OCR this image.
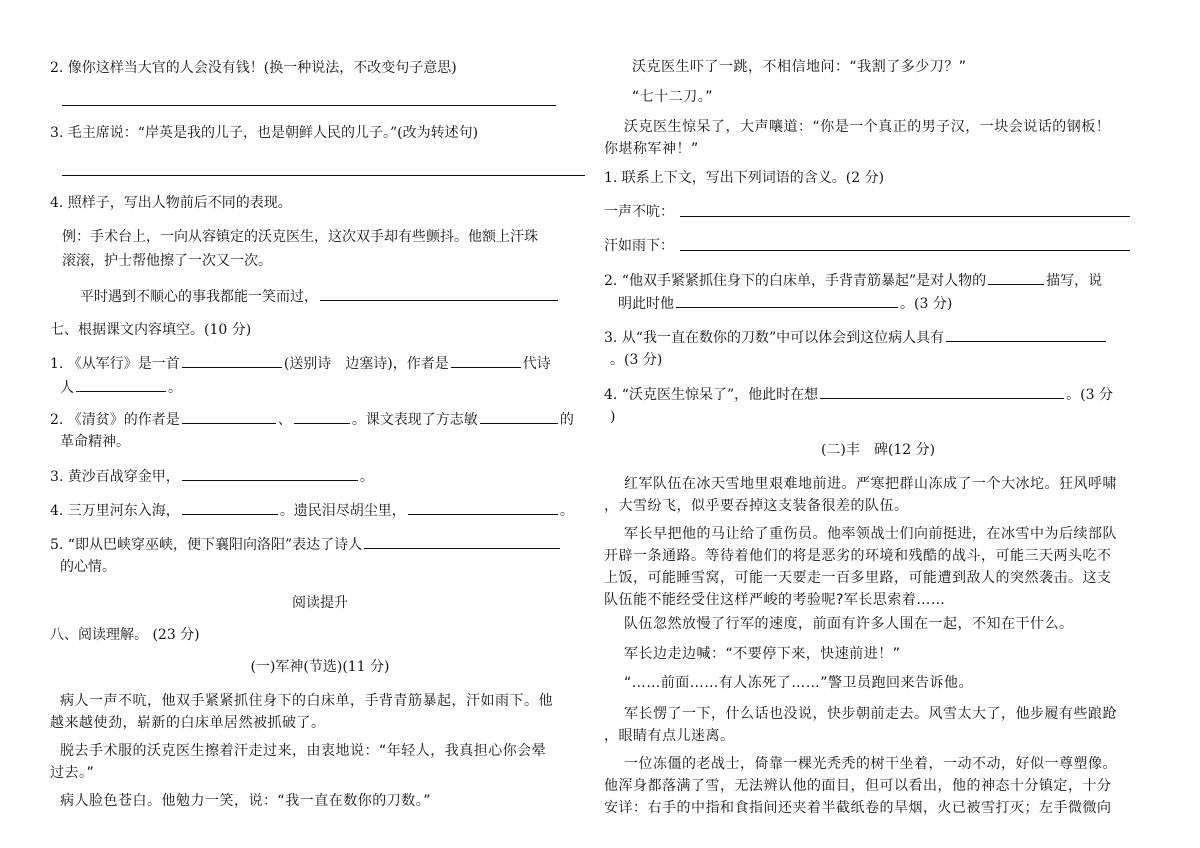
2. 像你这样当大官的人会没有钱！(换一种说法，不改变句子意思)
3. 毛主席说：“岸英是我的儿子，也是朝鲜人民的儿子。”(改为转述句)
4. 照样子，写出人物前后不同的表现。
例：手术台上，一向从容镇定的沃克医生，这次双手却有些颤抖。他额上汗珠
滚滚，护士帮他擦了一次又一次。
平时遇到不顺心的事我都能一笑而过，
七、根据课文内容填空。(10 分)
1. 《从军行》是一首	(送别诗　边塞诗)，作者是	代诗
人	。
2. 《清贫》的作者是	、	。课文表现了方志敏	的
革命精神。
3. 黄沙百战穿金甲，	。
4. 三万里河东入海，	。遗民泪尽胡尘里，	。
5. “即从巴峡穿巫峡，便下襄阳向洛阳”表达了诗人
的心情。
阅读提升
八、阅读理解。 (23 分)
(一)军神(节选)(11 分)
病人一声不吭，他双手紧紧抓住身下的白床单，手背青筋暴起，汗如雨下。他
越来越使劲，崭新的白床单居然被抓破了。
脱去手术服的沃克医生擦着汗走过来，由衷地说：“年轻人，我真担心你会晕
过去。”
病人脸色苍白。他勉力一笑，说：“我一直在数你的刀数。”
沃克医生吓了一跳，不相信地问：“我割了多少刀？”
“七十二刀。”
沃克医生惊呆了，大声嚷道：“你是一个真正的男子汉，一块会说话的钢板！
你堪称军神！”
1. 联系上下文，写出下列词语的含义。(2 分)
一声不吭：
汗如雨下：
2. “他双手紧紧抓住身下的白床单，手背青筋暴起”是对人物的	描写，说
明此时他	。(3 分)
3. 从“我一直在数你的刀数”中可以体会到这位病人具有
。(3 分)
4. “沃克医生惊呆了”，他此时在想	。(3 分
)
(二)丰　碑(12 分)
红军队伍在冰天雪地里艰难地前进。严寒把群山冻成了一个大冰坨。狂风呼啸
，大雪纷飞，似乎要吞掉这支装备很差的队伍。
军长早把他的马让给了重伤员。他率领战士们向前挺进，在冰雪中为后续部队
开辟一条通路。等待着他们的将是恶劣的环境和残酷的战斗，可能三天两头吃不
上饭，可能睡雪窝，可能一天要走一百多里路，可能遭到敌人的突然袭击。这支
队伍能不能经受住这样严峻的考验呢?军长思索着……
队伍忽然放慢了行军的速度，前面有许多人围在一起，不知在干什么。
军长边走边喊：“不要停下来，快速前进！”
“……前面……有人冻死了……”警卫员跑回来告诉他。
军长愣了一下，什么话也没说，快步朝前走去。风雪太大了，他步履有些踉跄
，眼睛有点儿迷离。
一位冻僵的老战士，倚靠一棵光秃秃的树干坐着，一动不动，好似一尊塑像。
他浑身都落满了雪，无法辨认他的面目，但可以看出，他的神态十分镇定，十分
安详：右手的中指和食指间还夹着半截纸卷的旱烟，火已被雪打灭；左手微微向
